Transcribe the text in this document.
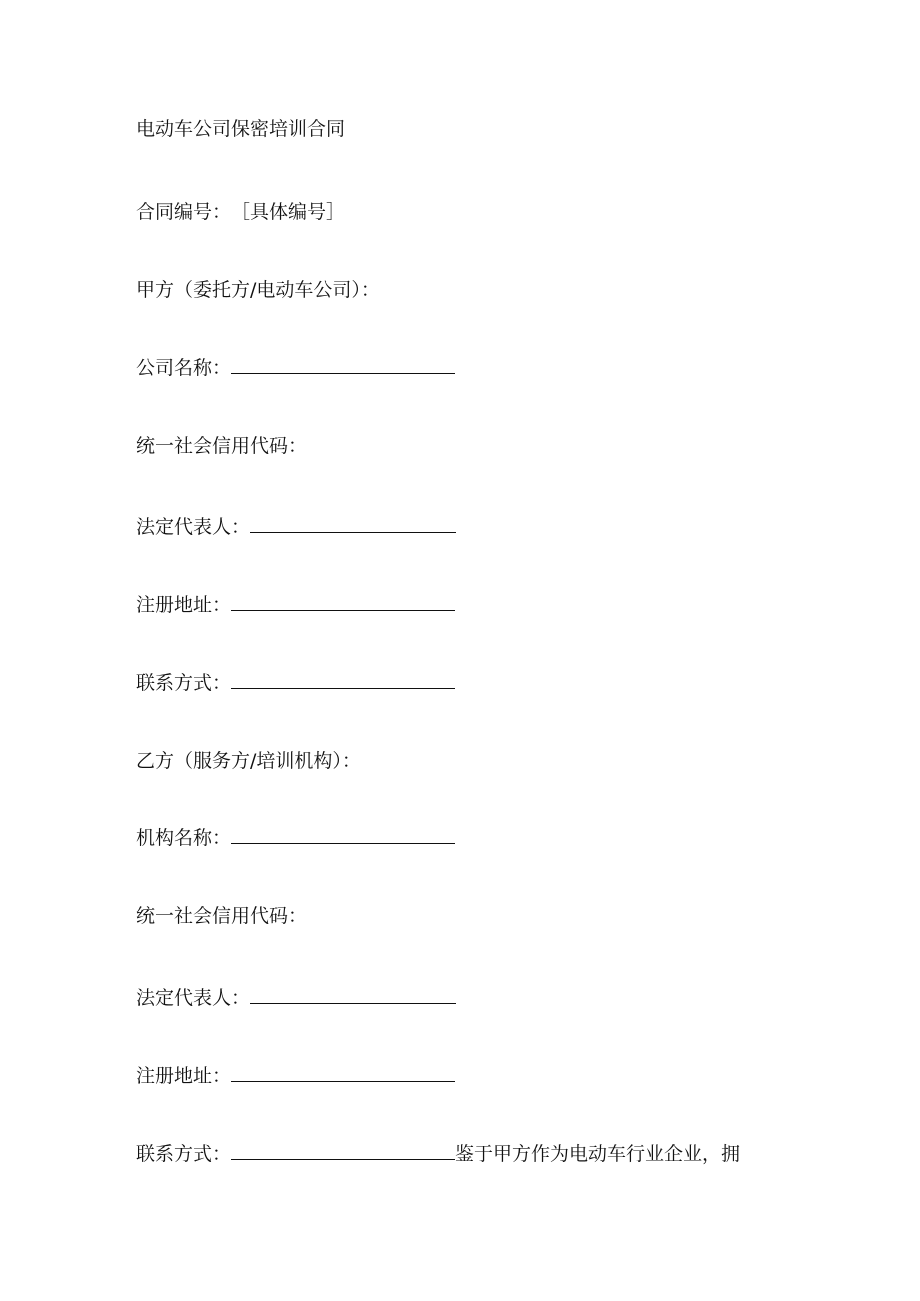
电动车公司保密培训合同
合同编号： ［具体编号］
甲方（委托方/电动车公司）：
公司名称：
统一社会信用代码：
法定代表人：
注册地址：
联系方式：
乙方（服务方/培训机构）：
机构名称：
统一社会信用代码：
法定代表人：
注册地址：
联系方式：	鉴于甲方作为电动车行业企业，拥
